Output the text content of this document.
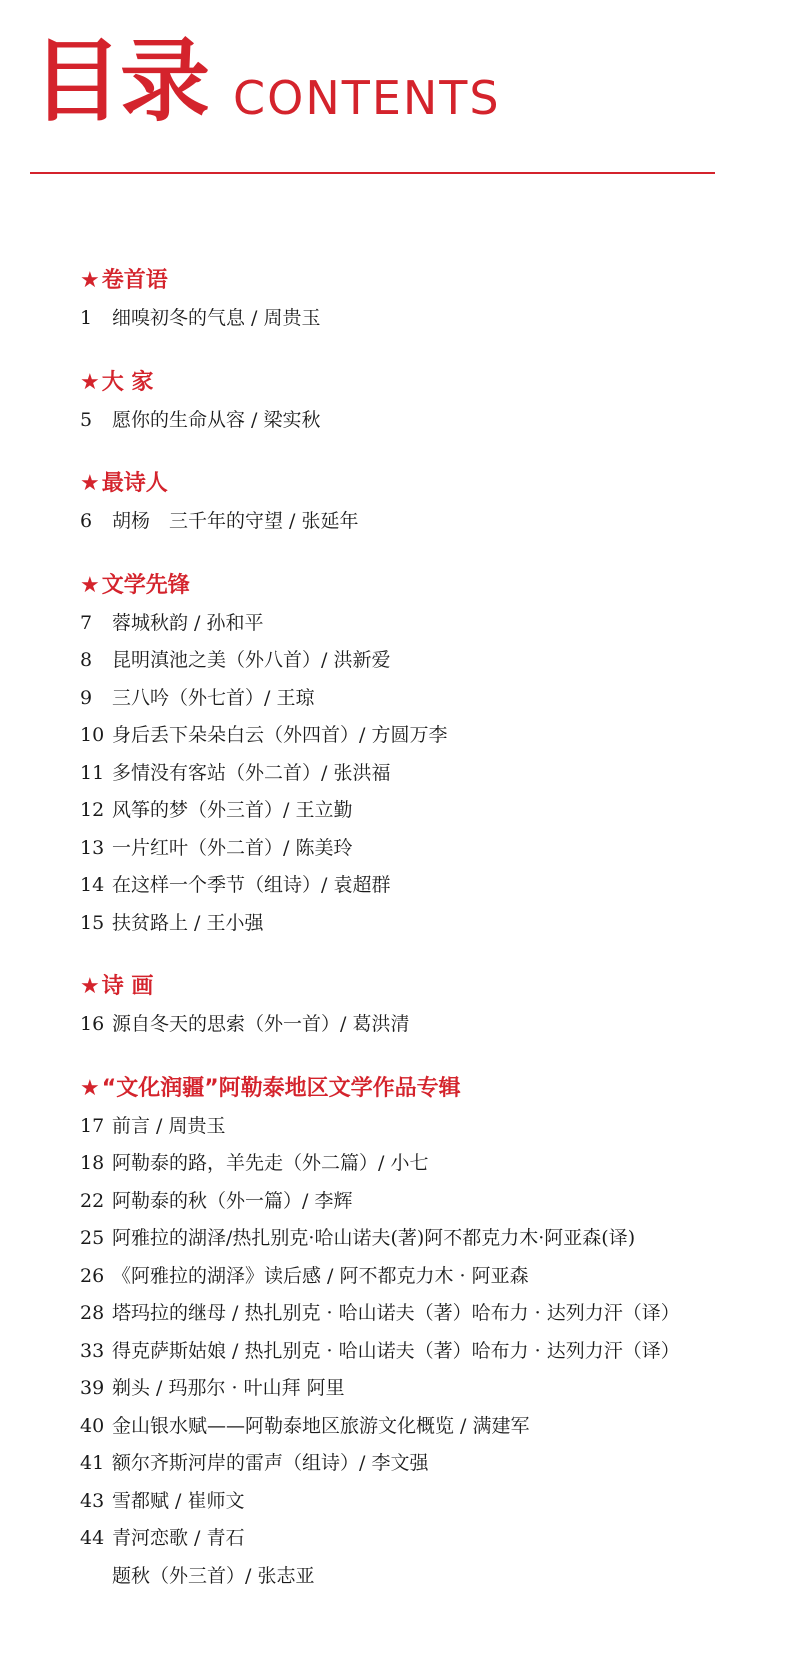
目录 CONTENTS
★卷首语
1	细嗅初冬的气息 / 周贵玉
★大 家
5	愿你的生命从容 / 梁实秋
★最诗人
6	胡杨　三千年的守望 / 张延年
★文学先锋
7	蓉城秋韵 / 孙和平
8	昆明滇池之美（外八首）/ 洪新爱
9	三八吟（外七首）/ 王琼
10 身后丢下朵朵白云（外四首）/ 方圆万李
11 多情没有客站（外二首）/ 张洪福
12 风筝的梦（外三首）/ 王立勤
13 一片红叶（外二首）/ 陈美玲
14 在这样一个季节（组诗）/ 袁超群
15 扶贫路上 / 王小强
★诗 画
16 源自冬天的思索（外一首）/ 葛洪清
★“文化润疆”阿勒泰地区文学作品专辑
17 前言 / 周贵玉
18 阿勒泰的路，羊先走（外二篇）/ 小七
22 阿勒泰的秋（外一篇）/ 李辉
25 阿雅拉的湖泽/热扎别克·哈山诺夫(著)阿不都克力木·阿亚森(译)
26 《阿雅拉的湖泽》读后感 / 阿不都克力木 · 阿亚森
28 塔玛拉的继母 / 热扎别克 · 哈山诺夫（著）哈布力 · 达列力汗（译）
33 得克萨斯姑娘 / 热扎别克 · 哈山诺夫（著）哈布力 · 达列力汗（译）
39 剃头 / 玛那尔 · 叶山拜 阿里
40 金山银水赋——阿勒泰地区旅游文化概览 / 满建军
41 额尔齐斯河岸的雷声（组诗）/ 李文强
43 雪都赋 / 崔师文
44 青河恋歌 / 青石
题秋（外三首）/ 张志亚
